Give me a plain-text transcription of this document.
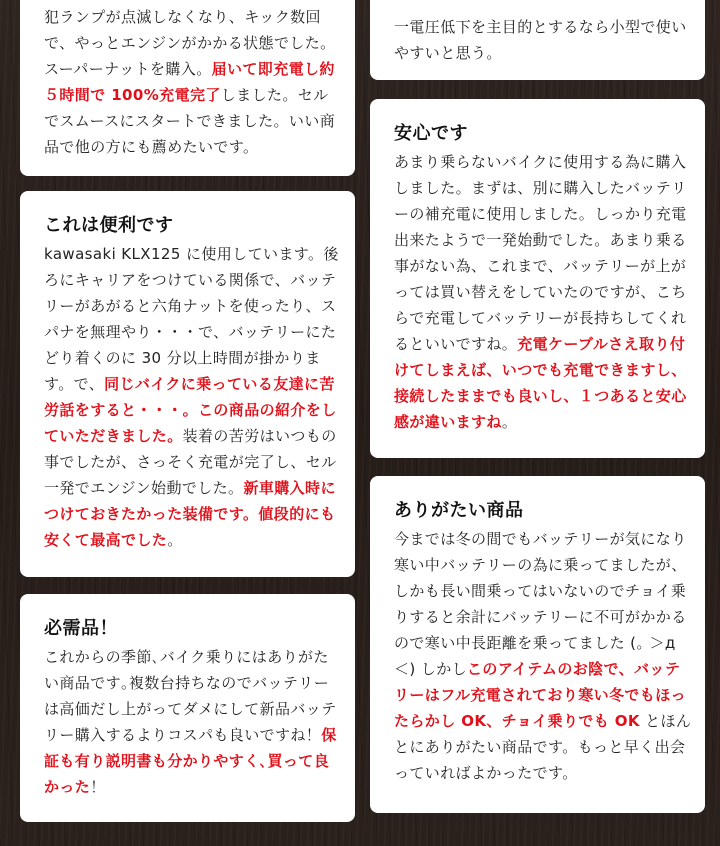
犯ランプが点滅しなくなり、キック数回で、やっとエンジンがかかる状態でした。スーパーナットを購入。届いて即充電し約５時間で 100%充電完了しました。セルでスムースにスタートできました。いい商品で他の方にも薦めたいです。

一電圧低下を主目的とするなら小型で使いやすいと思う。

これは便利です

kawasaki KLX125 に使用しています。後ろにキャリアをつけている関係で、バッテリーがあがると六角ナットを使ったり、スパナを無理やり・・・で、バッテリーにたどり着くのに 30 分以上時間が掛かります。で、同じバイクに乗っている友達に苦労話をすると・・・。この商品の紹介をしていただきました。装着の苦労はいつもの事でしたが、さっそく充電が完了し、セル一発でエンジン始動でした。新車購入時につけておきたかった装備です。値段的にも安くて最高でした。

安心です

あまり乗らないバイクに使用する為に購入しました。まずは、別に購入したバッテリーの補充電に使用しました。しっかり充電出来たようで一発始動でした。あまり乗る事がない為、これまで、バッテリーが上がっては買い替えをしていたのですが、こちらで充電してバッテリーが長持ちしてくれるといいですね。充電ケーブルさえ取り付けてしまえば、いつでも充電できますし、接続したままでも良いし、１つあると安心感が違いますね。

必需品！

これからの季節､バイク乗りにはありがたい商品です｡複数台持ちなのでバッテリーは高価だし上がってダメにして新品バッテリー購入するよりコスパも良いですね！保証も有り説明書も分かりやすく､買って良かった！

ありがたい商品

今までは冬の間でもバッテリーが気になり寒い中バッテリーの為に乗ってましたが、しかも長い間乗ってはいないのでチョイ乗りすると余計にバッテリーに不可がかかるので寒い中長距離を乗ってました (｡ ＞д＜) しかしこのアイテムのお陰で、バッテリーはフル充電されており寒い冬でもほったらかし OK、チョイ乗りでも OK とほんとにありがたい商品です。もっと早く出会っていればよかったです。
